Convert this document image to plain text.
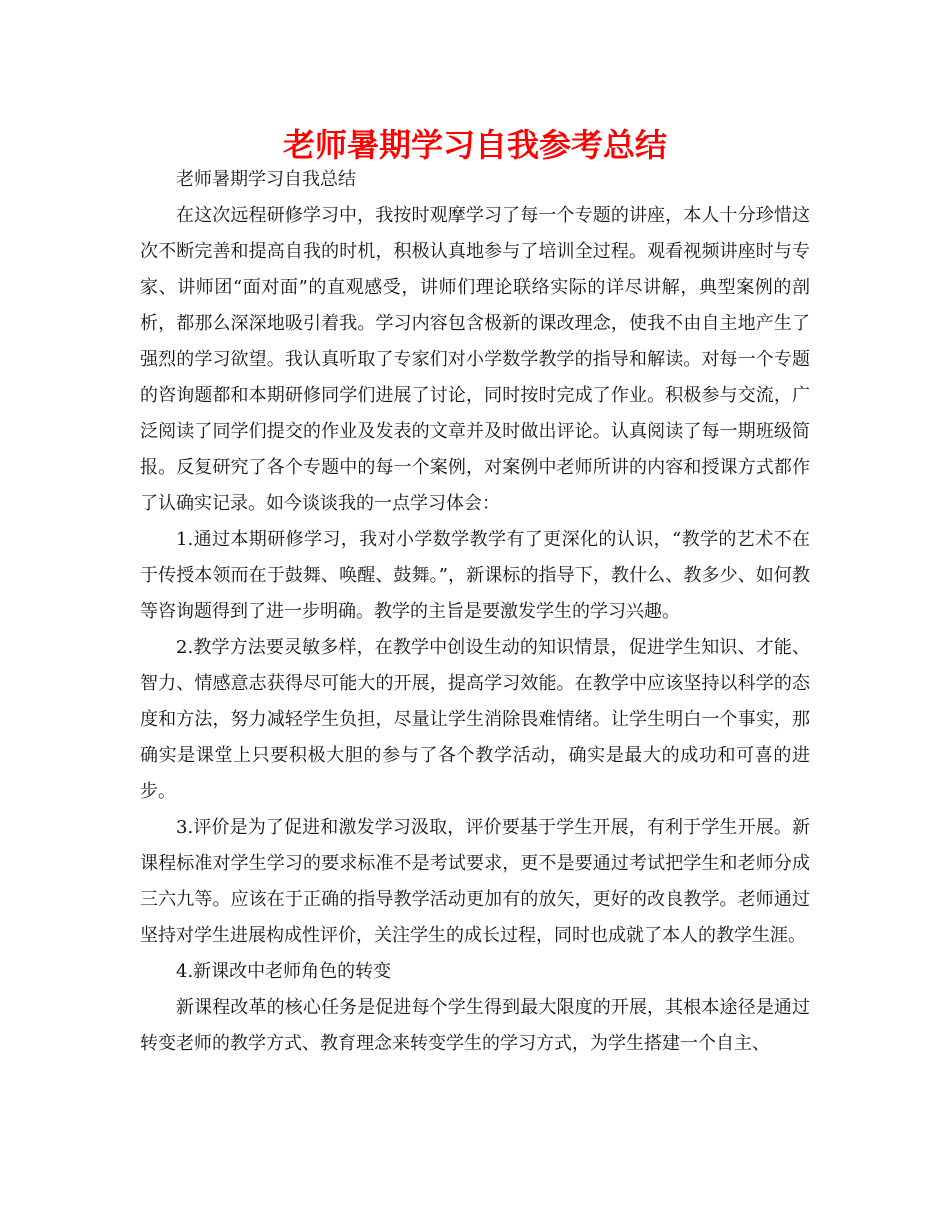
老师暑期学习自我参考总结

老师暑期学习自我总结

在这次远程研修学习中，我按时观摩学习了每一个专题的讲座，本人十分珍惜这次不断完善和提高自我的时机，积极认真地参与了培训全过程。观看视频讲座时与专家、讲师团“面对面”的直观感受，讲师们理论联络实际的详尽讲解，典型案例的剖析，都那么深深地吸引着我。学习内容包含极新的课改理念，使我不由自主地产生了强烈的学习欲望。我认真听取了专家们对小学数学教学的指导和解读。对每一个专题的咨询题都和本期研修同学们进展了讨论，同时按时完成了作业。积极参与交流，广泛阅读了同学们提交的作业及发表的文章并及时做出评论。认真阅读了每一期班级简报。反复研究了各个专题中的每一个案例，对案例中老师所讲的内容和授课方式都作了认确实记录。如今谈谈我的一点学习体会：

1.通过本期研修学习，我对小学数学教学有了更深化的认识，“教学的艺术不在于传授本领而在于鼓舞、唤醒、鼓舞。”，新课标的指导下，教什么、教多少、如何教等咨询题得到了进一步明确。教学的主旨是要激发学生的学习兴趣。

2.教学方法要灵敏多样，在教学中创设生动的知识情景，促进学生知识、才能、智力、情感意志获得尽可能大的开展，提高学习效能。在教学中应该坚持以科学的态度和方法，努力减轻学生负担，尽量让学生消除畏难情绪。让学生明白一个事实，那确实是课堂上只要积极大胆的参与了各个教学活动，确实是最大的成功和可喜的进步。

3.评价是为了促进和激发学习汲取，评价要基于学生开展，有利于学生开展。新课程标准对学生学习的要求标准不是考试要求，更不是要通过考试把学生和老师分成三六九等。应该在于正确的指导教学活动更加有的放矢，更好的改良教学。老师通过坚持对学生进展构成性评价，关注学生的成长过程，同时也成就了本人的教学生涯。

4.新课改中老师角色的转变

新课程改革的核心任务是促进每个学生得到最大限度的开展，其根本途径是通过转变老师的教学方式、教育理念来转变学生的学习方式，为学生搭建一个自主、
